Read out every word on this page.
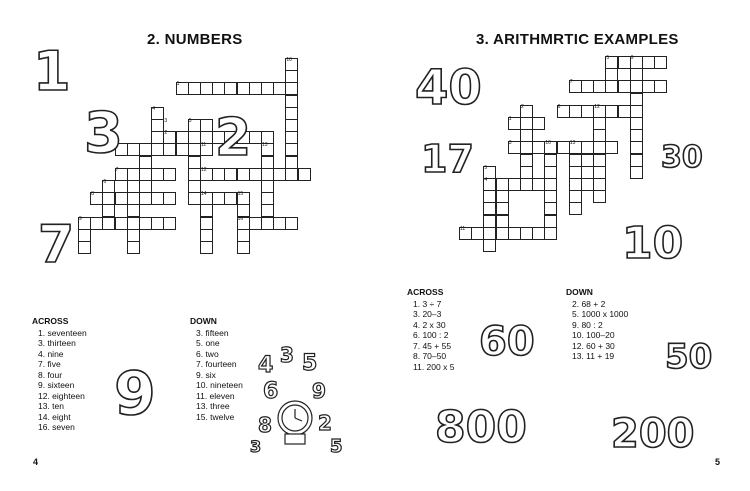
2. NUMBERS
10
1
3	5
4
2
13
7	12
6
8	14	15
16
9
11
1
3 2
7
9	4 3 5
6 9
8 2
5
3
ACROSS
1. seventeen
3. thirteen
4. nine
7. five
8. four
9. sixteen
12. eighteen
13. ten
14. eight
16. seven
DOWN
3. fifteen
5. one
6. two
7. fourteen
9. six
10. nineteen
11. eleven
13. three
15. twelve
4
3. ARITHMRTIC EXAMPLES
5	9
7
6	12
2
1
3	10	13
5
4
11
40
17	30
10
60	50
800 200
ACROSS
1. 3 ÷ 7
3. 20–3
4. 2 x 30
6. 100 : 2
7. 45 + 55
8. 70–50
11. 200 x 5
DOWN
2. 68 + 2
5. 1000 x 1000
9. 80 : 2
10. 100–20
12. 60 + 30
13. 11 + 19
5
